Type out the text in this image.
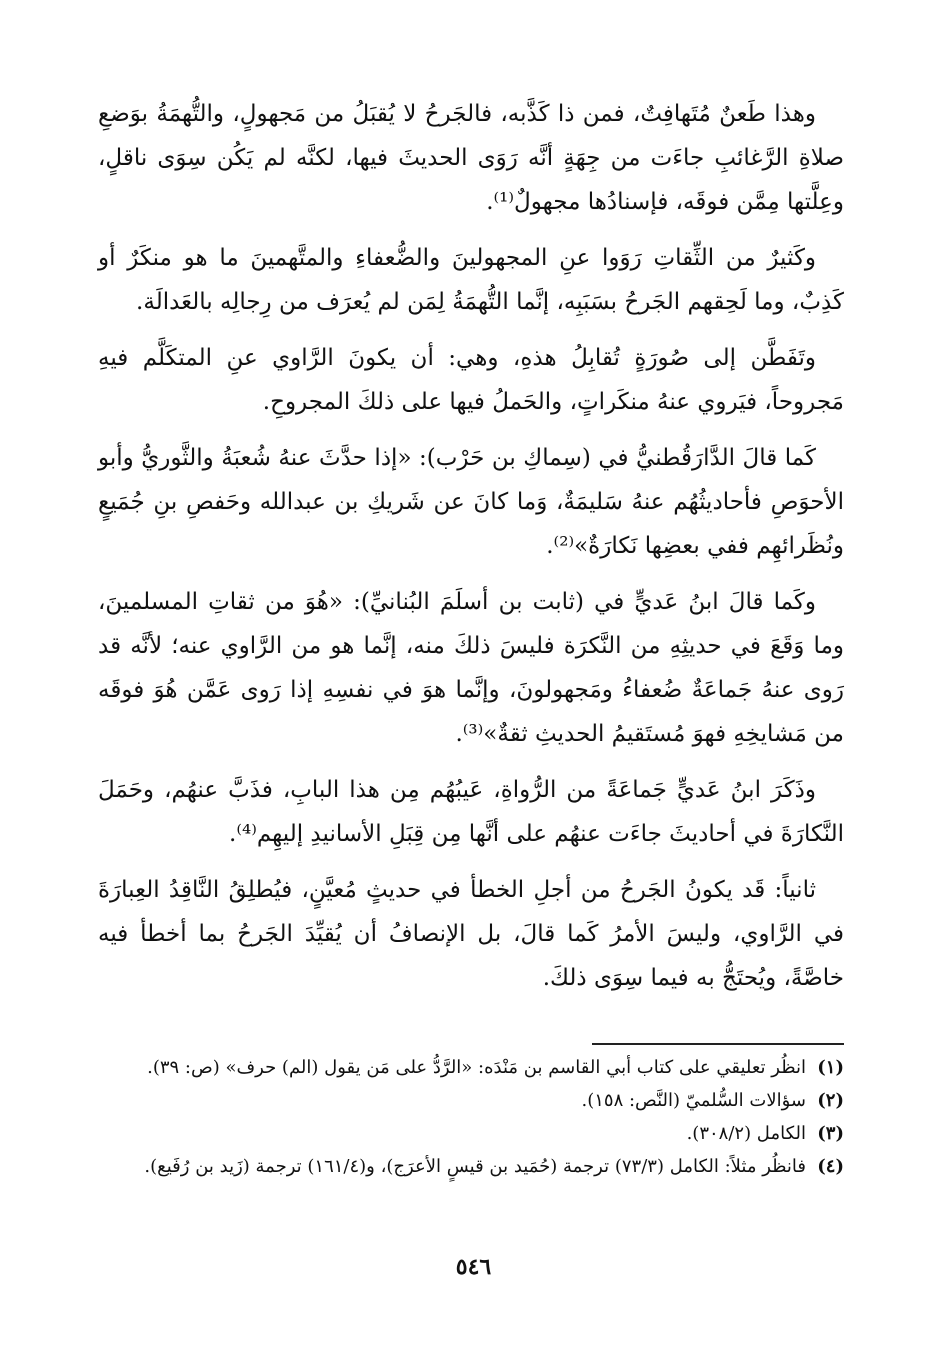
وهذا طَعنٌ مُتَهافِتٌ، فمن ذا كَذَّبه، فالجَرحُ لا يُقبَلُ من مَجهولٍ، والتُّهمَةُ بوَضعِ صلاةِ الرَّغائبِ جاءَت من جِهَةٍ أنَّه رَوَى الحديثَ فيها، لكنَّه لم يَكُن سِوَى ناقلٍ، وعِلَّتها مِمَّن فوقَه، فإسنادُها مجهولٌ⁽¹⁾.

وكَثيرٌ من الثِّقاتِ رَوَوا عنِ المجهولينَ والضُّعفاءِ والمتَّهمينَ ما هو منكَرٌ أو كَذِبٌ، وما لَحِقهم الجَرحُ بسَبَبِه، إنَّما التُّهمَةُ لِمَن لم يُعرَف من رِجالِه بالعَدالَة.

وتَفَطَّن إلى صُورَةٍ تُقابِلُ هذهِ، وهي: أن يكونَ الرَّاوي عنِ المتكَلَّم فيهِ مَجروحاً، فيَروي عنهُ منكَراتٍ، والحَملُ فيها على ذلكَ المجروحِ.

كَما قالَ الدَّارَقُطنيُّ في (سِماكِ بن حَرْب): «إذا حدَّثَ عنهُ شُعبَةُ والثَّوريُّ وأبو الأحوَصِ فأحاديثُهُم عنهُ سَليمَةٌ، وَما كانَ عن شَريكِ بن عبدالله وحَفصِ بنِ جُمَيعٍ ونُظَرائهِم ففي بعضِها نَكارَةٌ»⁽²⁾.

وكَما قالَ ابنُ عَديٍّ في (ثابت بن أسلَمَ البُنانيِّ): «هُوَ من ثقاتِ المسلمينَ، وما وَقَعَ في حديثِهِ من النَّكرَة فليسَ ذلكَ منه، إنَّما هو من الرَّاوي عنه؛ لأنَّه قد رَوى عنهُ جَماعَةٌ ضُعفاءُ ومَجهولونَ، وإنَّما هوَ في نفسِهِ إذا رَوى عَمَّن هُوَ فوقَه من مَشايخِهِ فهوَ مُستَقيمُ الحديثِ ثقةٌ»⁽³⁾.

وذَكَرَ ابنُ عَديٍّ جَماعَةً من الرُّواةِ، عَيبُهُم مِن هذا البابِ، فذَبَّ عنهُم، وحَمَلَ النَّكارَةَ في أحاديثَ جاءَت عنهُم على أنَّها مِن قِبَلِ الأسانيدِ إليهِم⁽⁴⁾.

ثانياً: قَد يكونُ الجَرحُ من أجلِ الخطأ في حديثٍ مُعيَّنٍ، فيُطلِقُ النَّاقِدُ العِبارَةَ في الرَّاوي، وليسَ الأمرُ كَما قالَ، بل الإنصافُ أن يُقيِّدَ الجَرحُ بما أخطأ فيه خاصَّةً، ويُحتَجُّ به فيما سِوَى ذلكَ.

(١)
انظُر تعليقي على كتاب أبي القاسم بن مَنْدَه: «الرَّدُّ على مَن يقول (الم) حرف» (ص: ٣٩).
(٢)
سؤالات السُّلميّ (النَّص: ١٥٨).
(٣)
الكامل (٣٠٨/٢).
(٤)
فانظُر مثلاً: الكامل (٧٣/٣) ترجمة (حُمَيد بن قيسٍ الأعرَج)، و(١٦١/٤) ترجمة (زَيد بن رُفَيع).
٥٤٦
